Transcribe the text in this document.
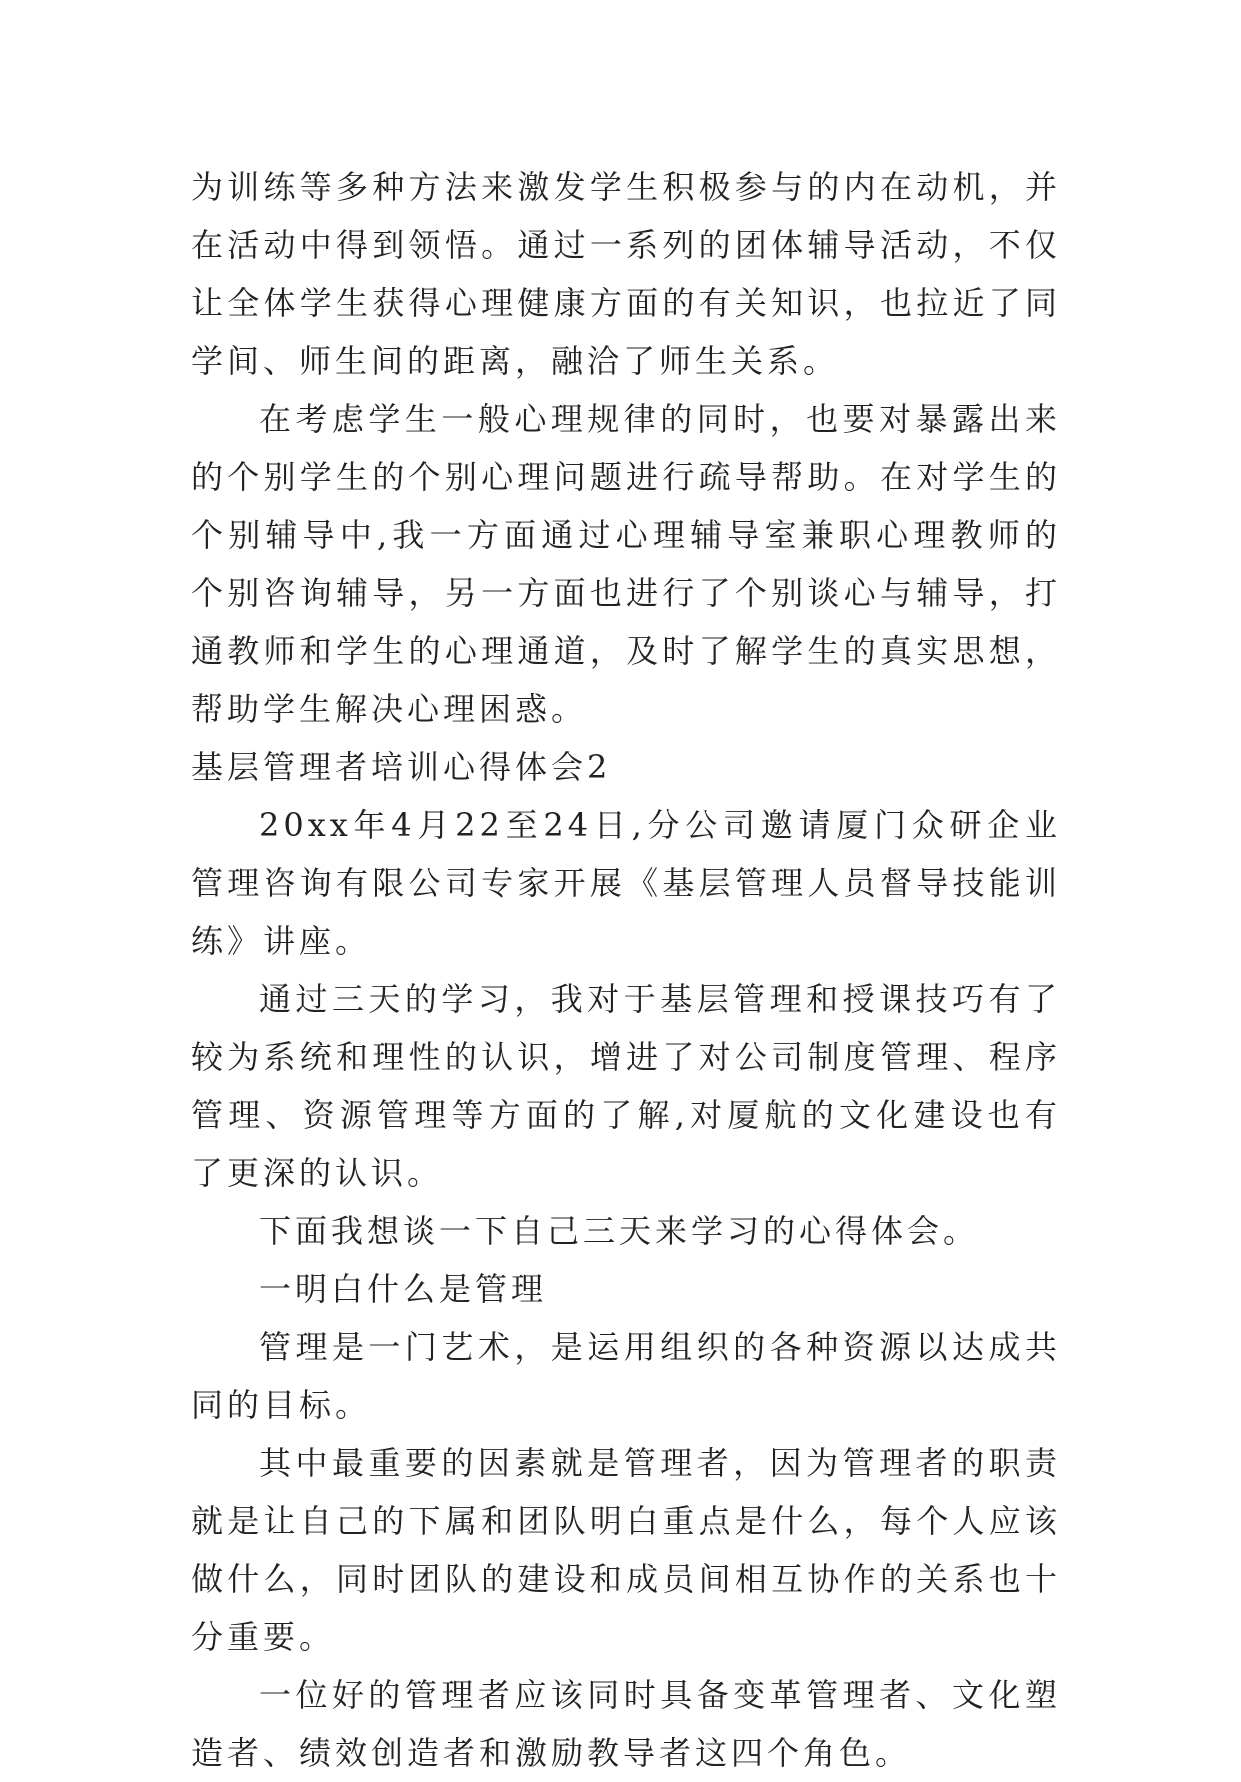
为训练等多种方法来激发学生积极参与的内在动机，并在活动中得到领悟。通过一系列的团体辅导活动，不仅让全体学生获得心理健康方面的有关知识，也拉近了同学间、师生间的距离，融洽了师生关系。

在考虑学生一般心理规律的同时，也要对暴露出来的个别学生的个别心理问题进行疏导帮助。在对学生的个别辅导中,我一方面通过心理辅导室兼职心理教师的个别咨询辅导，另一方面也进行了个别谈心与辅导，打通教师和学生的心理通道，及时了解学生的真实思想，帮助学生解决心理困惑。

基层管理者培训心得体会2

20xx年4月22至24日,分公司邀请厦门众研企业管理咨询有限公司专家开展《基层管理人员督导技能训练》讲座。

通过三天的学习，我对于基层管理和授课技巧有了较为系统和理性的认识，增进了对公司制度管理、程序管理、资源管理等方面的了解,对厦航的文化建设也有了更深的认识。

下面我想谈一下自己三天来学习的心得体会。

一明白什么是管理

管理是一门艺术，是运用组织的各种资源以达成共同的目标。

其中最重要的因素就是管理者，因为管理者的职责就是让自己的下属和团队明白重点是什么，每个人应该做什么，同时团队的建设和成员间相互协作的关系也十分重要。

一位好的管理者应该同时具备变革管理者、文化塑造者、绩效创造者和激励教导者这四个角色。
